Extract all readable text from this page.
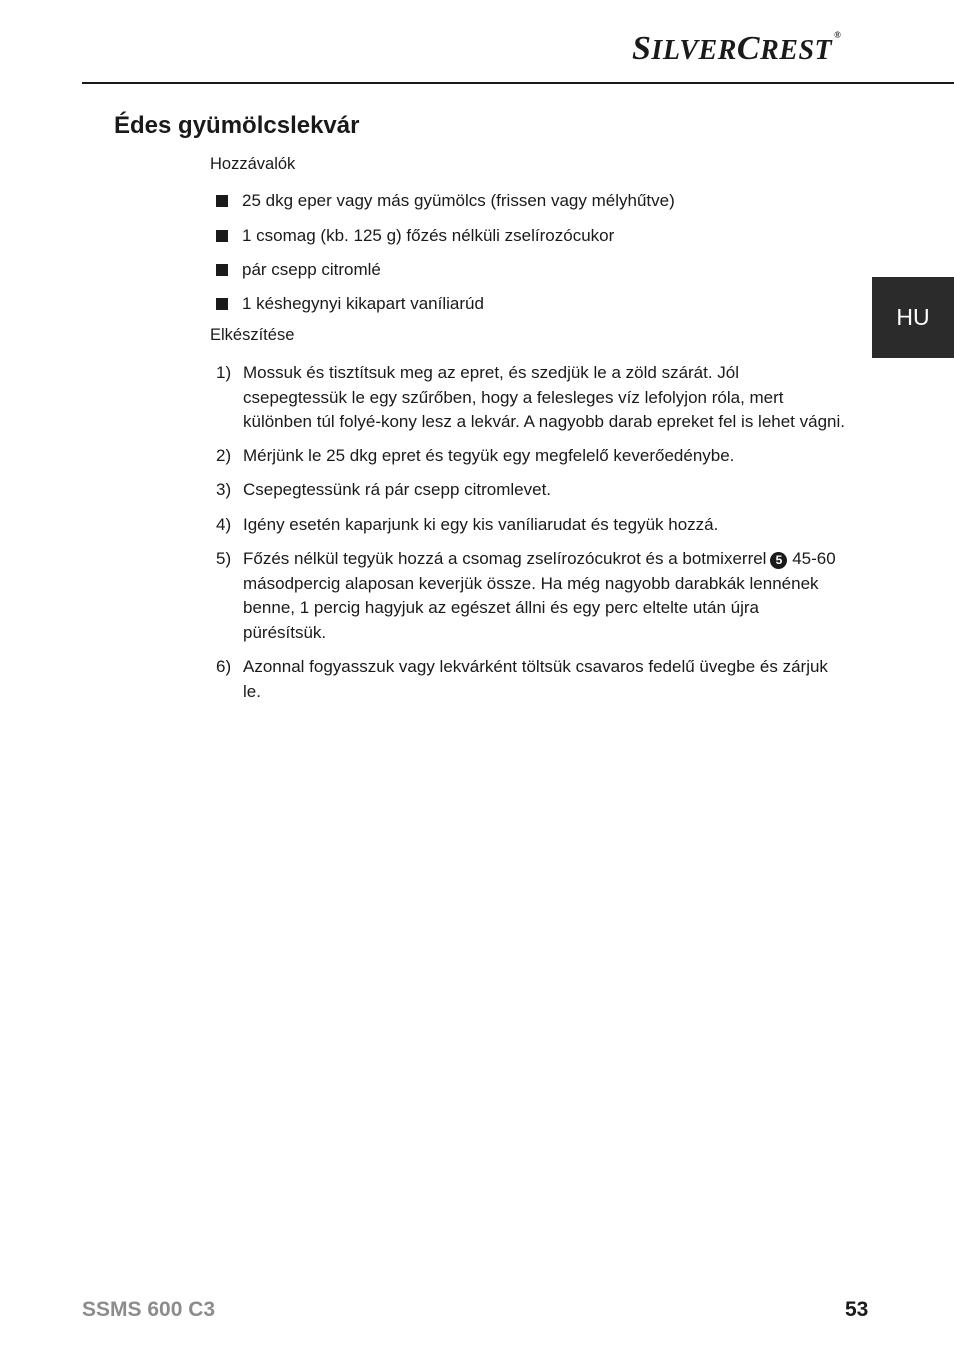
SILVERCREST ®
Édes gyümölcslekvár
Hozzávalók
25 dkg eper vagy más gyümölcs (frissen vagy mélyhűtve)
1 csomag (kb. 125 g) főzés nélküli zselírozócukor
pár csepp citromlé
1 késhegynyi kikapart vaníliarúd
Elkészítése
1) Mossuk és tisztítsuk meg az epret, és szedjük le a zöld szárát. Jól csepegtessük le egy szűrőben, hogy a felesleges víz lefolyjon róla, mert különben túl folyé-kony lesz a lekvár. A nagyobb darab epreket fel is lehet vágni.
2) Mérjünk le 25 dkg epret és tegyük egy megfelelő keverőedénybe.
3) Csepegtessünk rá pár csepp citromlevet.
4) Igény esetén kaparjunk ki egy kis vaníliarudat és tegyük hozzá.
5) Főzés nélkül tegyük hozzá a csomag zselírozócukrot és a botmixerrel 5 45-60 másodpercig alaposan keverjük össze. Ha még nagyobb darabkák lennének benne, 1 percig hagyjuk az egészet állni és egy perc eltelte után újra pürésítsük.
6) Azonnal fogyasszuk vagy lekvárként töltsük csavaros fedelű üvegbe és zárjuk le.
HU
SSMS 600 C3	53
